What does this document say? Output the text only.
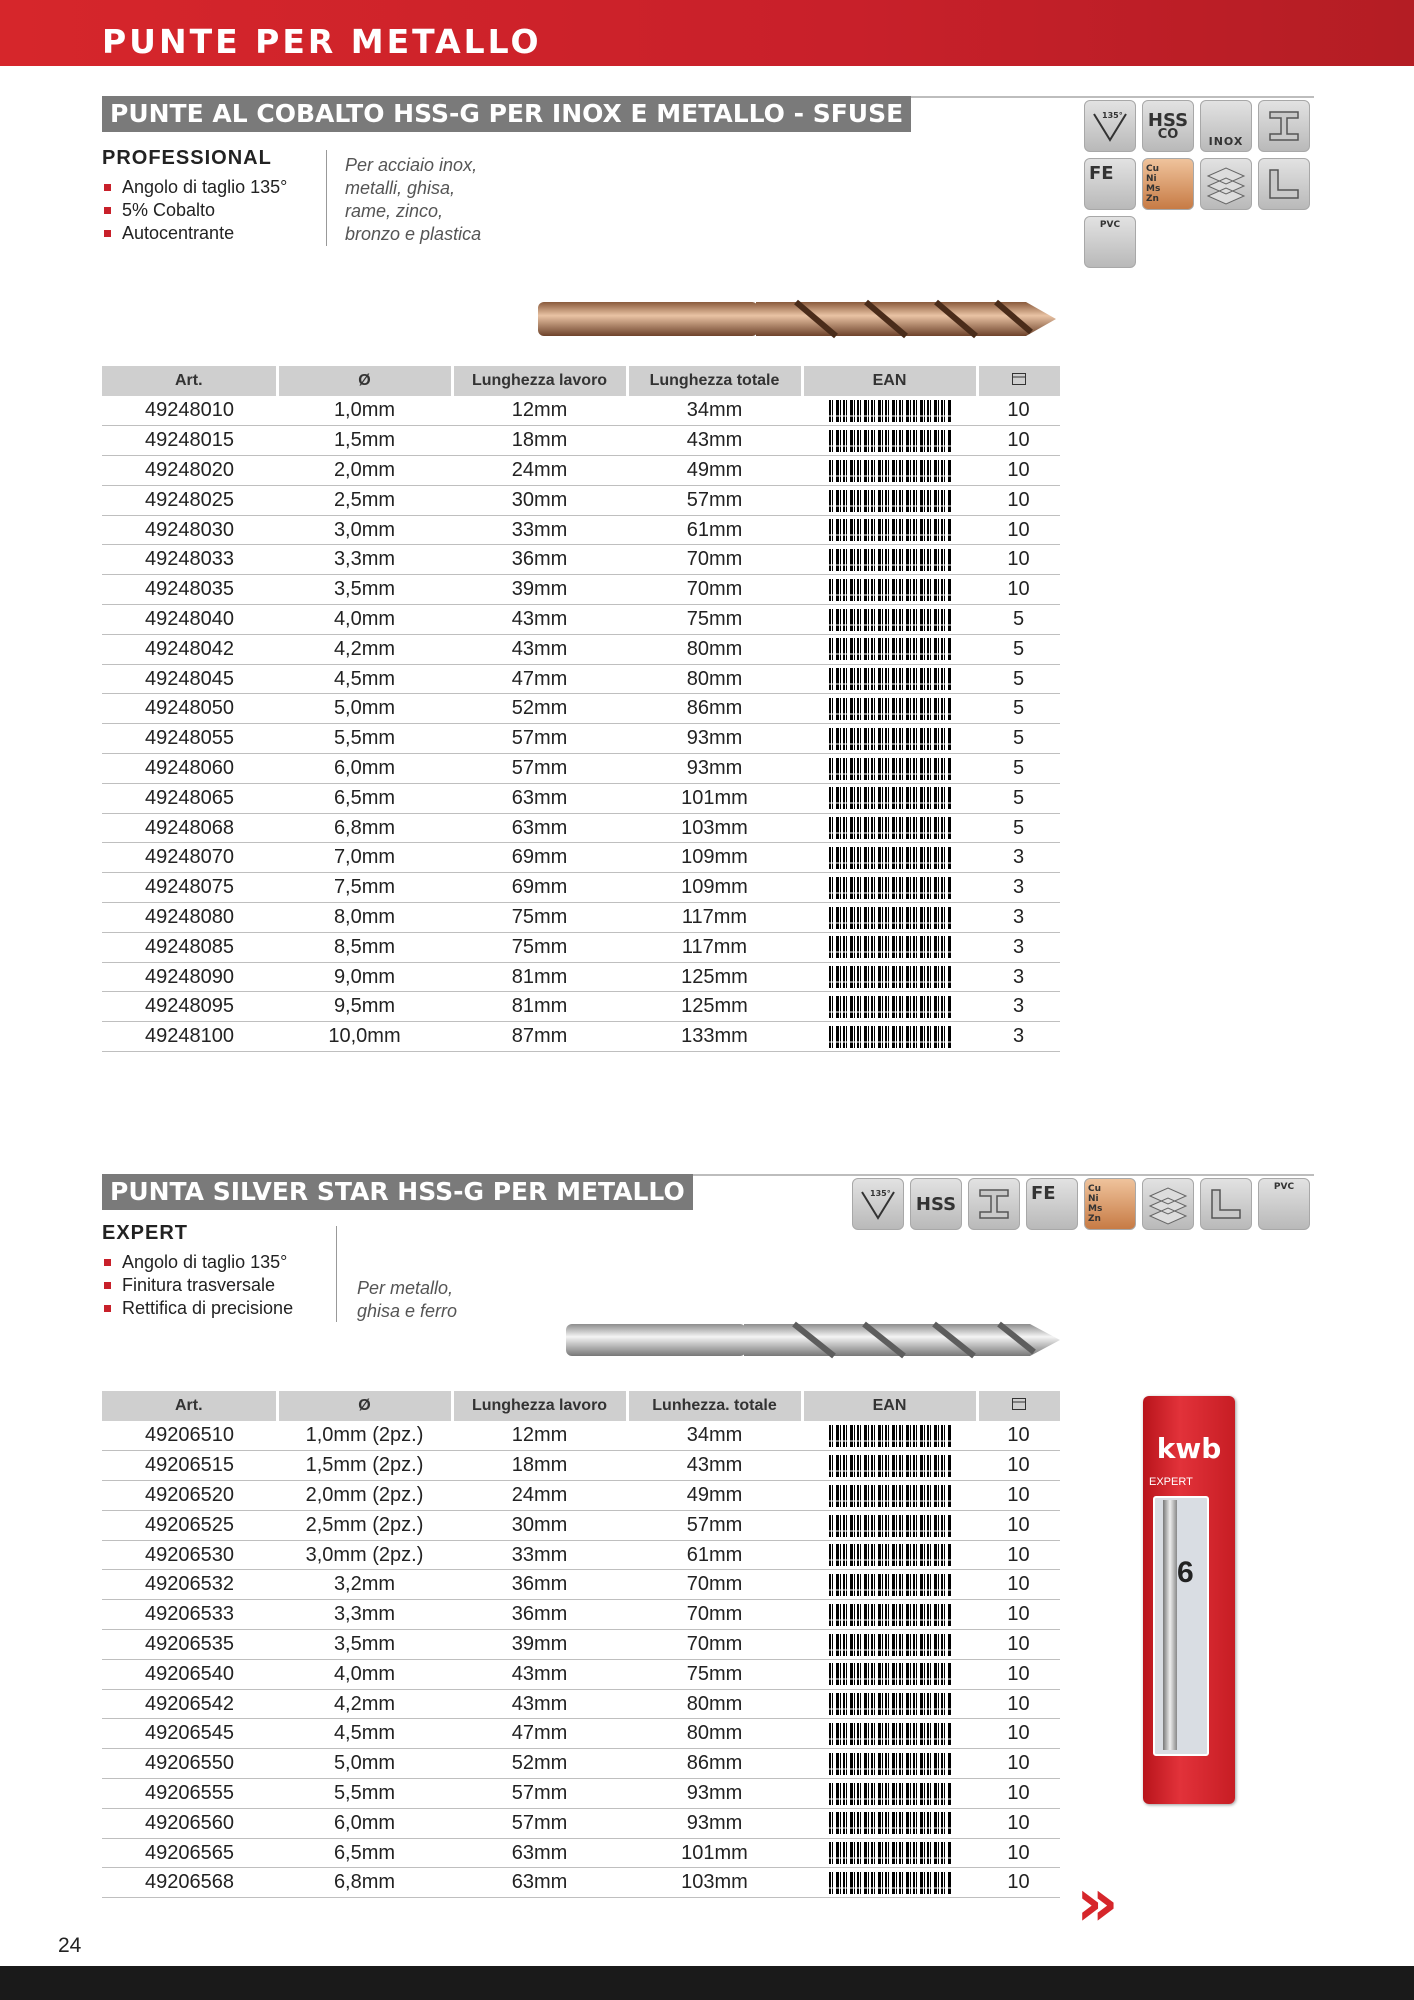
PUNTE PER METALLO
PUNTE AL COBALTO HSS-G PER INOX E METALLO - SFUSE
PROFESSIONAL
Angolo di taglio 135°
5% Cobalto
Autocentrante
Per acciaio inox,
metalli, ghisa,
rame, zinco,
bronzo e plastica
135° HSS
CO	INOX
FE	Cu
Ni
Ms
Zn
PVC
Art.	Ø	Lunghezza lavoro	Lunghezza totale	EAN	
49248010	1,0mm	12mm	34mm		10
49248015	1,5mm	18mm	43mm		10
49248020	2,0mm	24mm	49mm		10
49248025	2,5mm	30mm	57mm		10
49248030	3,0mm	33mm	61mm		10
49248033	3,3mm	36mm	70mm		10
49248035	3,5mm	39mm	70mm		10
49248040	4,0mm	43mm	75mm		5
49248042	4,2mm	43mm	80mm		5
49248045	4,5mm	47mm	80mm		5
49248050	5,0mm	52mm	86mm		5
49248055	5,5mm	57mm	93mm		5
49248060	6,0mm	57mm	93mm		5
49248065	6,5mm	63mm	101mm		5
49248068	6,8mm	63mm	103mm		5
49248070	7,0mm	69mm	109mm		3
49248075	7,5mm	69mm	109mm		3
49248080	8,0mm	75mm	117mm		3
49248085	8,5mm	75mm	117mm		3
49248090	9,0mm	81mm	125mm		3
49248095	9,5mm	81mm	125mm		3
49248100	10,0mm	87mm	133mm		3
PUNTA SILVER STAR HSS-G PER METALLO
EXPERT
Angolo di taglio 135°
Finitura trasversale
Rettifica di precisione
Per metallo,
ghisa e ferro
135° HSS	FE	Cu
Ni
Ms
Zn
PVC
Art.	Ø	Lunghezza lavoro	Lunhezza. totale	EAN	
49206510	1,0mm (2pz.)	12mm	34mm		10
49206515	1,5mm (2pz.)	18mm	43mm		10
49206520	2,0mm (2pz.)	24mm	49mm		10
49206525	2,5mm (2pz.)	30mm	57mm		10
49206530	3,0mm (2pz.)	33mm	61mm		10
49206532	3,2mm	36mm	70mm		10
49206533	3,3mm	36mm	70mm		10
49206535	3,5mm	39mm	70mm		10
49206540	4,0mm	43mm	75mm		10
49206542	4,2mm	43mm	80mm		10
49206545	4,5mm	47mm	80mm		10
49206550	5,0mm	52mm	86mm		10
49206555	5,5mm	57mm	93mm		10
49206560	6,0mm	57mm	93mm		10
49206565	6,5mm	63mm	101mm		10
49206568	6,8mm	63mm	103mm		10
kwb
EXPERT
6
»
24
